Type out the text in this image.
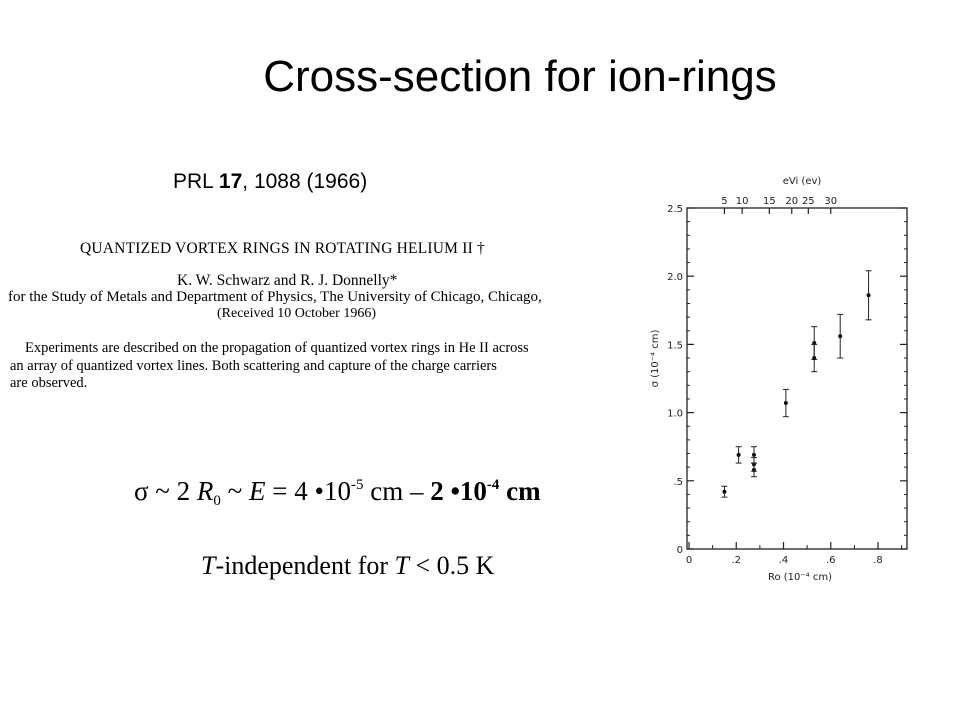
Cross-section for ion-rings
PRL 17, 1088 (1966)
QUANTIZED VORTEX RINGS IN ROTATING HELIUM II †
K. W. Schwarz and R. J. Donnelly*
for the Study of Metals and Department of Physics, The University of Chicago, Chicago,
(Received 10 October 1966)
Experiments are described on the propagation of quantized vortex rings in He II across
an array of quantized vortex lines. Both scattering and capture of the charge carriers
are observed.
σ ~ 2 $R_0$ ~ E = 4 $•10^{-5}$ cm – 2 $•10^{-4}$ cm
T-independent for T < 0.5 K
0
.5
1.0
1.5
2.0
2.5
0	.2	.4	.6	.8
5 10 15 20 25 30
eVi (ev)
Ro (10⁻⁴ cm)
σ (10⁻⁴ cm)
